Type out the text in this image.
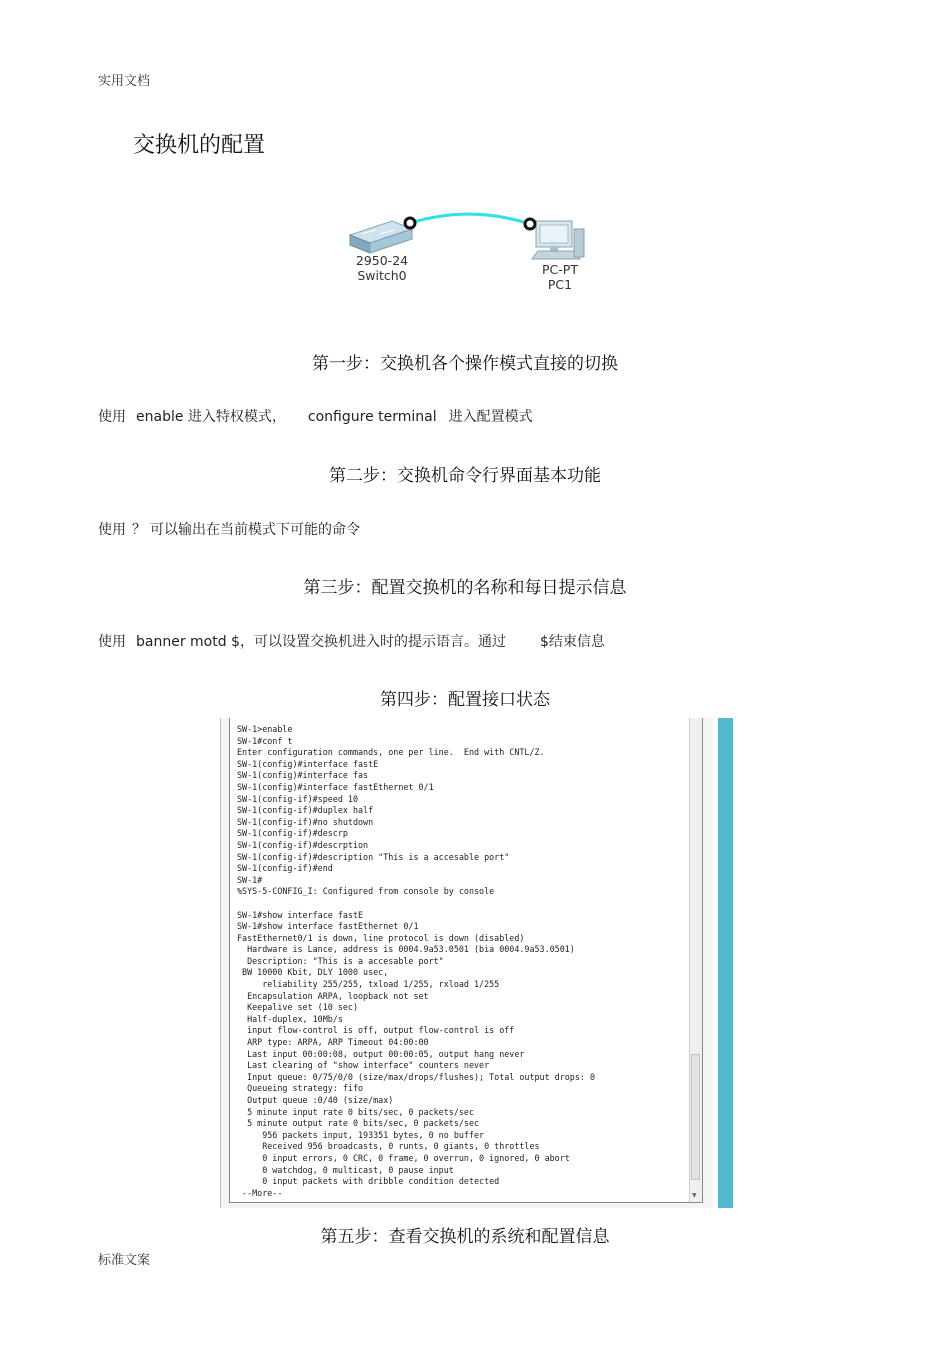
实用文档
交换机的配置
2950-24
Switch0	PC-PT
PC1
第一步：交换机各个操作模式直接的切换
使用 enable 进入特权模式， configure terminal 进入配置模式
第二步：交换机命令行界面基本功能
使用 ？ 可以输出在当前模式下可能的命令
第三步：配置交换机的名称和每日提示信息
使用 banner motd $，可以设置交换机进入时的提示语言。通过 $结束信息
第四步：配置接口状态
SW-1>enable
SW-1#conf t
Enter configuration commands, one per line.  End with CNTL/Z.
SW-1(config)#interface fastE
SW-1(config)#interface fas
SW-1(config)#interface fastEthernet 0/1
SW-1(config-if)#speed 10
SW-1(config-if)#duplex half
SW-1(config-if)#no shutdown
SW-1(config-if)#descrp
SW-1(config-if)#descrption
SW-1(config-if)#description "This is a accesable port"
SW-1(config-if)#end
SW-1#
%SYS-5-CONFIG_I: Configured from console by console

SW-1#show interface fastE
SW-1#show interface fastEthernet 0/1
FastEthernet0/1 is down, line protocol is down (disabled)
Hardware is Lance, address is 0004.9a53.0501 (bia 0004.9a53.0501)
Description: "This is a accesable port"
BW 10000 Kbit, DLY 1000 usec,
reliability 255/255, txload 1/255, rxload 1/255
Encapsulation ARPA, loopback not set
Keepalive set (10 sec)
Half-duplex, 10Mb/s
input flow-control is off, output flow-control is off
ARP type: ARPA, ARP Timeout 04:00:00
Last input 00:00:08, output 00:00:05, output hang never
Last clearing of "show interface" counters never
Input queue: 0/75/0/0 (size/max/drops/flushes); Total output drops: 0
Queueing strategy: fifo
Output queue :0/40 (size/max)
5 minute input rate 0 bits/sec, 0 packets/sec
5 minute output rate 0 bits/sec, 0 packets/sec
956 packets input, 193351 bytes, 0 no buffer
Received 956 broadcasts, 0 runts, 0 giants, 0 throttles
0 input errors, 0 CRC, 0 frame, 0 overrun, 0 ignored, 0 abort
0 watchdog, 0 multicast, 0 pause input
0 input packets with dribble condition detected
--More--	▼
第五步：查看交换机的系统和配置信息
标准文案
